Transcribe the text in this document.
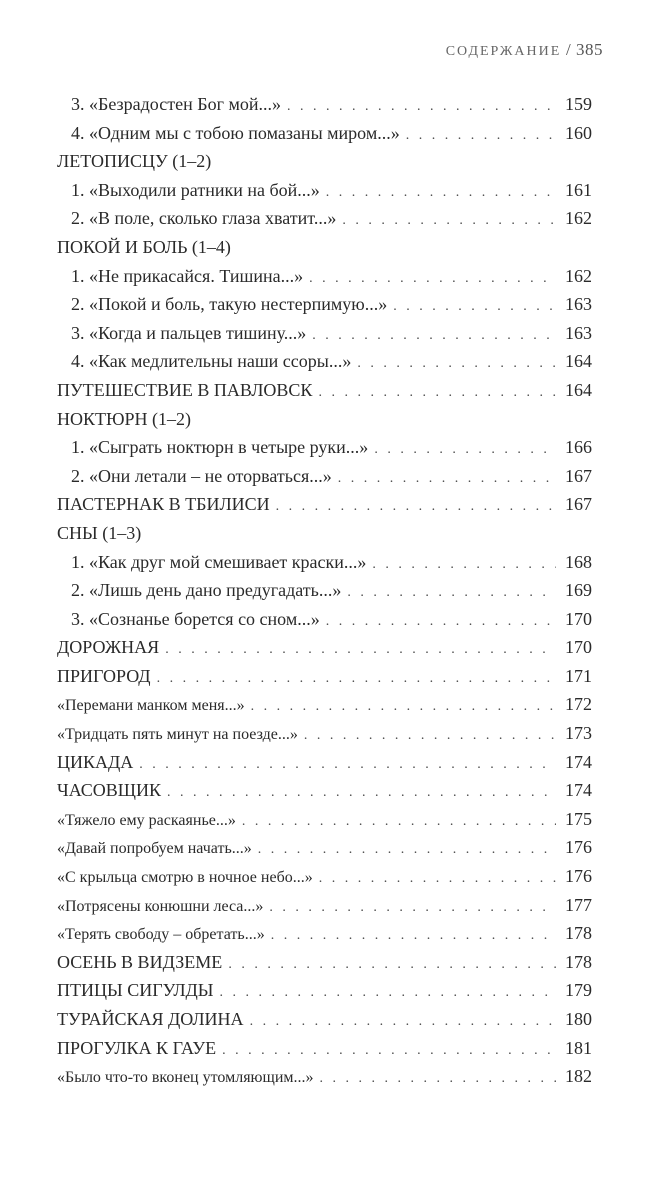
СОДЕРЖАНИЕ / 385
3. «Безрадостен Бог мой...» . . .	159
4. «Одним мы с тобою помазаны миром...» . . .	160
ЛЕТОПИСЦУ (1–2)
1. «Выходили ратники на бой...» . . .	161
2. «В поле, сколько глаза хватит...» . . .	162
ПОКОЙ И БОЛЬ (1–4)
1. «Не прикасайся. Тишина...» . . .	162
2. «Покой и боль, такую нестерпимую...» . . .	163
3. «Когда и пальцев тишину...» . . .	163
4. «Как медлительны наши ссоры...» . . .	164
ПУТЕШЕСТВИЕ В ПАВЛОВСК . . .	164
НОКТЮРН (1–2)
1. «Сыграть ноктюрн в четыре руки...» . . .	166
2. «Они летали – не оторваться...» . . .	167
ПАСТЕРНАК В ТБИЛИСИ . . .	167
СНЫ (1–3)
1. «Как друг мой смешивает краски...» . . .	168
2. «Лишь день дано предугадать...» . . .	169
3. «Сознанье борется со сном...» . . .	170
ДОРОЖНАЯ . . .	170
ПРИГОРОД . . .	171
«Перемани манком меня...» . . .	172
«Тридцать пять минут на поезде...» . . .	173
ЦИКАДА . . .	174
ЧАСОВЩИК . . .	174
«Тяжело ему раскаянье...» . . .	175
«Давай попробуем начать...» . . .	176
«С крыльца смотрю в ночное небо...» . . .	176
«Потрясены конюшни леса...» . . .	177
«Терять свободу – обретать...» . . .	178
ОСЕНЬ В ВИДЗЕМЕ . . .	178
ПТИЦЫ СИГУЛДЫ . . .	179
ТУРАЙСКАЯ ДОЛИНА . . .	180
ПРОГУЛКА К ГАУЕ . . .	181
«Было что-то вконец утомляющим...» . . .	182
